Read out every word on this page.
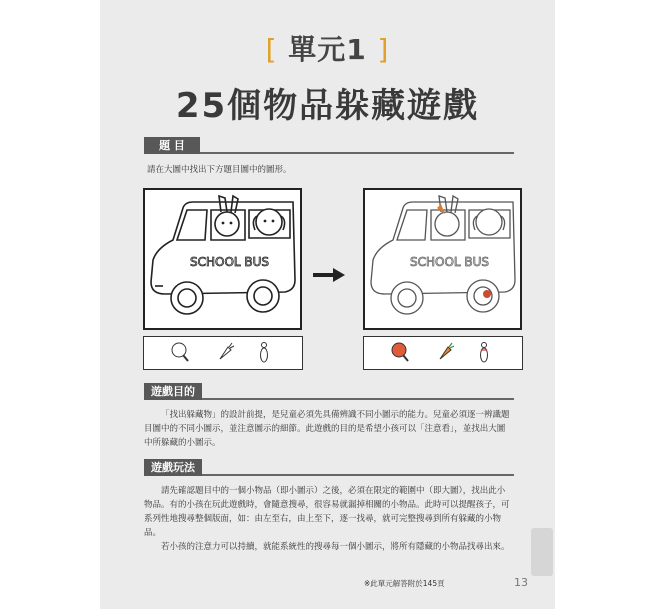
[ 單元1 ]
25個物品躲藏遊戲
題 目
請在大圖中找出下方題目圖中的圖形。
SCHOOL BUS	SCHOOL BUS
遊戲目的

「找出躲藏物」的設計前提，是兒童必須先具備辨識不同小圖示的能力。兒童必須逐一辨識題目圖中的不同小圖示，並注意圖示的細節。此遊戲的目的是希望小孩可以「注意看」，並找出大圖中所躲藏的小圖示。

遊戲玩法

請先確認題目中的一個小物品（即小圖示）之後，必須在限定的範圍中（即大圖），找出此小物品。有的小孩在玩此遊戲時，會隨意搜尋，很容易就漏掉相關的小物品。此時可以提醒孩子，可系列性地搜尋整個版面，如：由左至右，由上至下，逐一找尋，就可完整搜尋到所有躲藏的小物品。

若小孩的注意力可以持續，就能系統性的搜尋每一個小圖示，將所有隱藏的小物品找尋出來。

※此單元解答附於145頁	13
